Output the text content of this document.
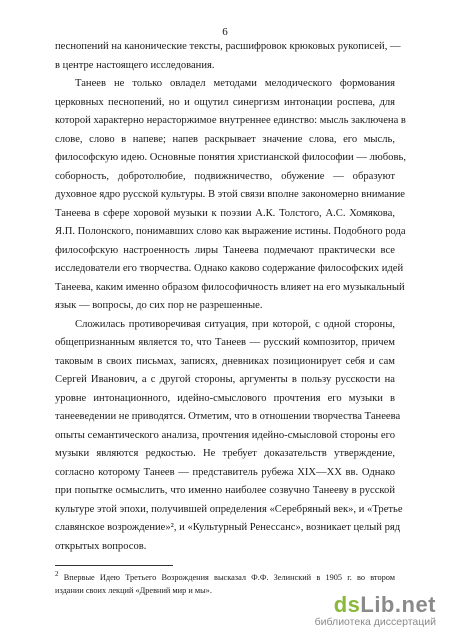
6
песнопений на канонические тексты, расшифровок крюковых рукописей, —
в центре настоящего исследования.
Танеев не только овладел методами мелодического формования
церковных песнопений, но и ощутил синергизм интонации роспева, для
которой характерно нерасторжимое внутреннее единство: мысль заключена в
слове, слово в напеве; напев раскрывает значение слова, его мысль,
философскую идею. Основные понятия христианской философии — любовь,
соборность, добротолюбие, подвижничество, обужение — образуют
духовное ядро русской культуры. В этой связи вполне закономерно внимание
Танеева в сфере хоровой музыки к поэзии А.К. Толстого, А.С. Хомякова,
Я.П. Полонского, понимавших слово как выражение истины. Подобного рода
философскую настроенность лиры Танеева подмечают практически все
исследователи его творчества. Однако каково содержание философских идей
Танеева, каким именно образом философичность влияет на его музыкальный
язык — вопросы, до сих пор не разрешенные.
Сложилась противоречивая ситуация, при которой, с одной стороны,
общепризнанным является то, что Танеев — русский композитор, причем
таковым в своих письмах, записях, дневниках позиционирует себя и сам
Сергей Иванович, а с другой стороны, аргументы в пользу русскости на
уровне интонационного, идейно-смыслового прочтения его музыки в
танееведении не приводятся. Отметим, что в отношении творчества Танеева
опыты семантического анализа, прочтения идейно-смысловой стороны его
музыки являются редкостью. Не требует доказательств утверждение,
согласно которому Танеев — представитель рубежа XIX—XX вв. Однако
при попытке осмыслить, что именно наиболее созвучно Танееву в русской
культуре этой эпохи, получившей определения «Серебряный век», и «Третье
славянское возрождение»², и «Культурный Ренессанс», возникает целый ряд
открытых вопросов.
$^2$ Впервые Идею Третьего Возрождения высказал Ф.Ф. Зелинский в 1905 г. во втором
издании своих лекций «Древний мир и мы».
dsLib.net
библиотека диссертаций
